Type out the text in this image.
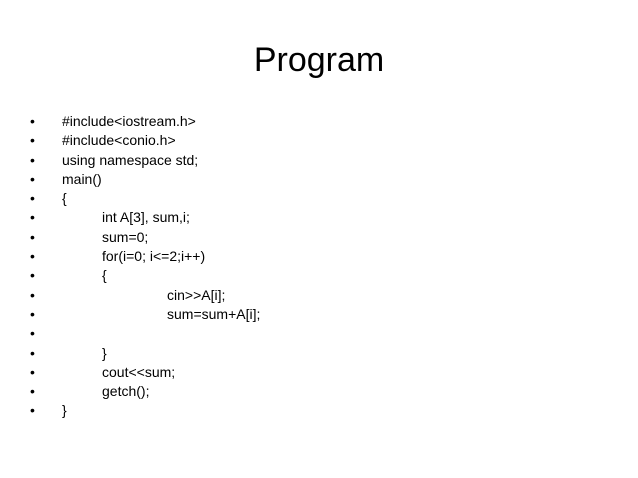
Program
•	#include<iostream.h>
•	#include<conio.h>
•	using namespace std;
•	main()
•	{
•	int A[3], sum,i;
•	sum=0;
•	for(i=0; i<=2;i++)
•	{
•	cin>>A[i];
•	sum=sum+A[i];
•
•	}
•	cout<<sum;
•	getch();
•	}
